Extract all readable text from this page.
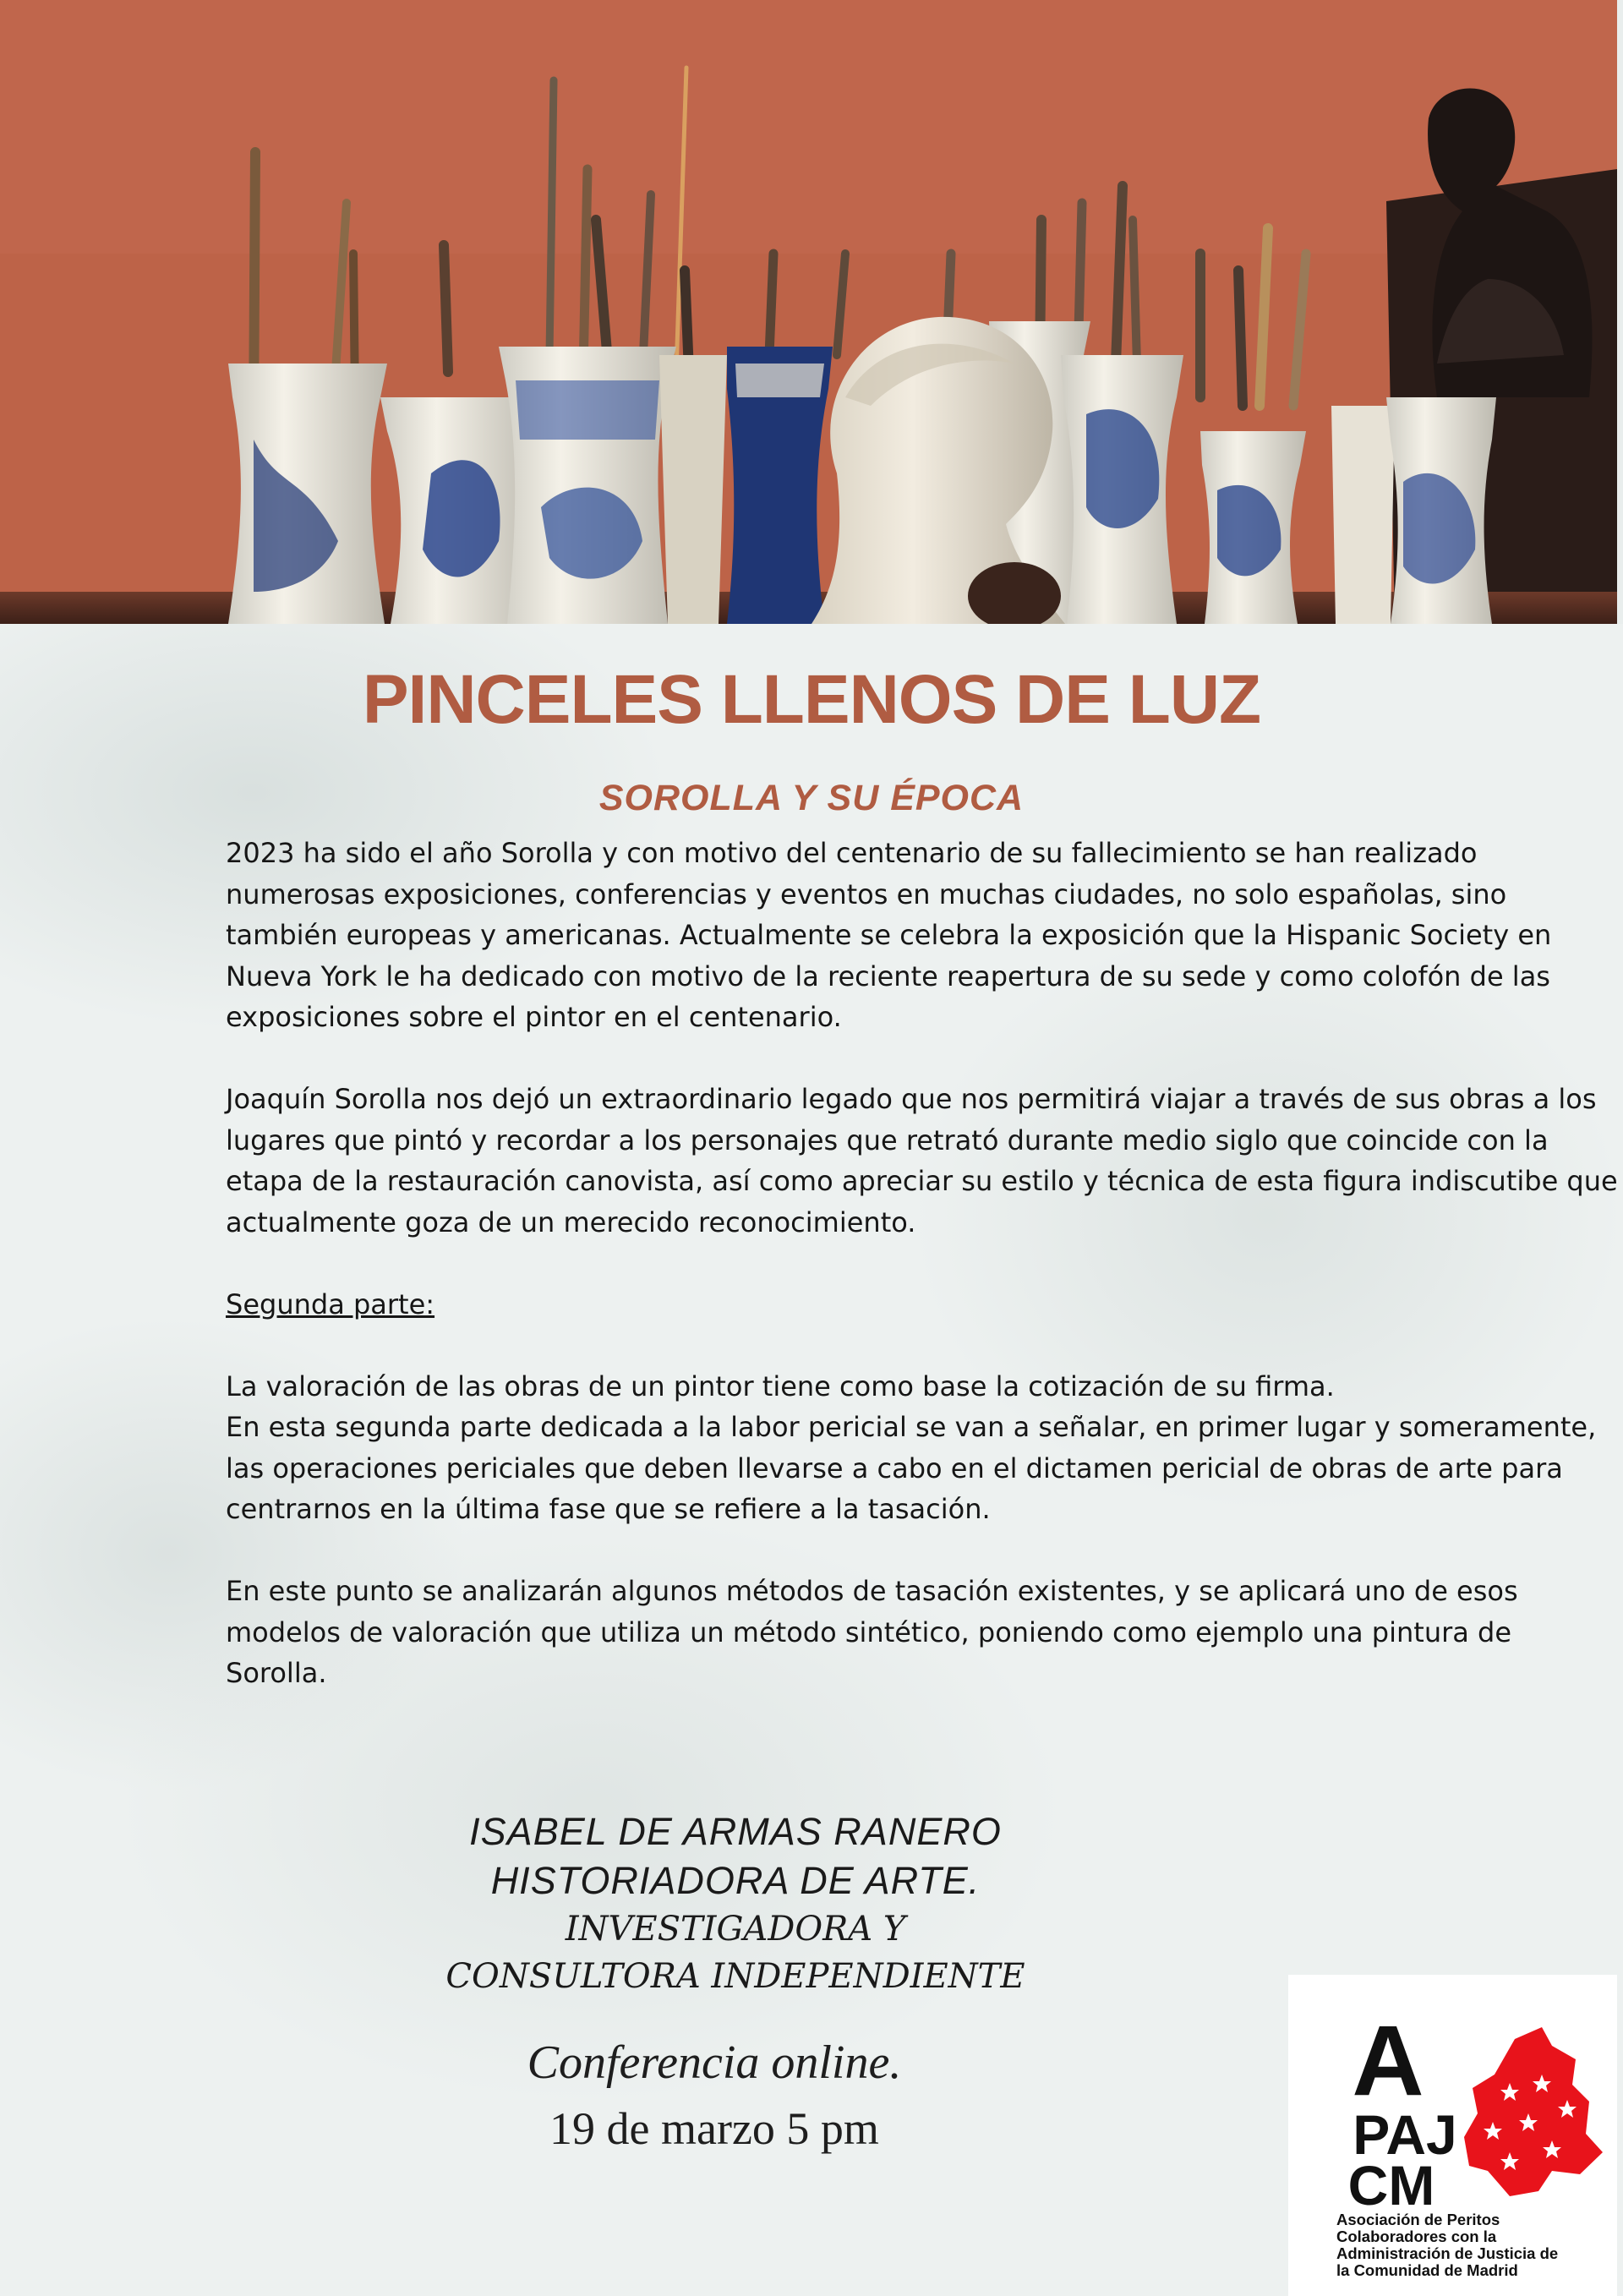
PINCELES LLENOS DE LUZ
SOROLLA Y SU ÉPOCA

2023 ha sido el año Sorolla y con motivo del centenario de su fallecimiento se han realizado

numerosas exposiciones, conferencias y eventos en muchas ciudades, no solo españolas, sino

también europeas y americanas. Actualmente se celebra la exposición que la Hispanic Society en

Nueva York le ha dedicado con motivo de la reciente reapertura de su sede y como colofón de las

exposiciones sobre el pintor en el centenario.

Joaquín Sorolla nos dejó un extraordinario legado que nos permitirá viajar a través de sus obras a los

lugares que pintó y recordar a los personajes que retrató durante medio siglo que coincide con la

etapa de la restauración canovista, así como apreciar su estilo y técnica de esta figura indiscutibe que

actualmente goza de un merecido reconocimiento.

Segunda parte:

La valoración de las obras de un pintor tiene como base la cotización de su firma.

En esta segunda parte dedicada a la labor pericial se van a señalar, en primer lugar y someramente,

las operaciones periciales que deben llevarse a cabo en el dictamen pericial de obras de arte para

centrarnos en la última fase que se refiere a la tasación.

En este punto se analizarán algunos métodos de tasación existentes, y se aplicará uno de esos

modelos de valoración que utiliza un método sintético, poniendo como ejemplo una pintura de

Sorolla.

ISABEL DE ARMAS RANERO
HISTORIADORA DE ARTE.
INVESTIGADORA Y
CONSULTORA INDEPENDIENTE
Conferencia online.
19 de marzo 5 pm
A
PAJ
CM
Asociación de Peritos
Colaboradores con la
Administración de Justicia de
la Comunidad de Madrid
